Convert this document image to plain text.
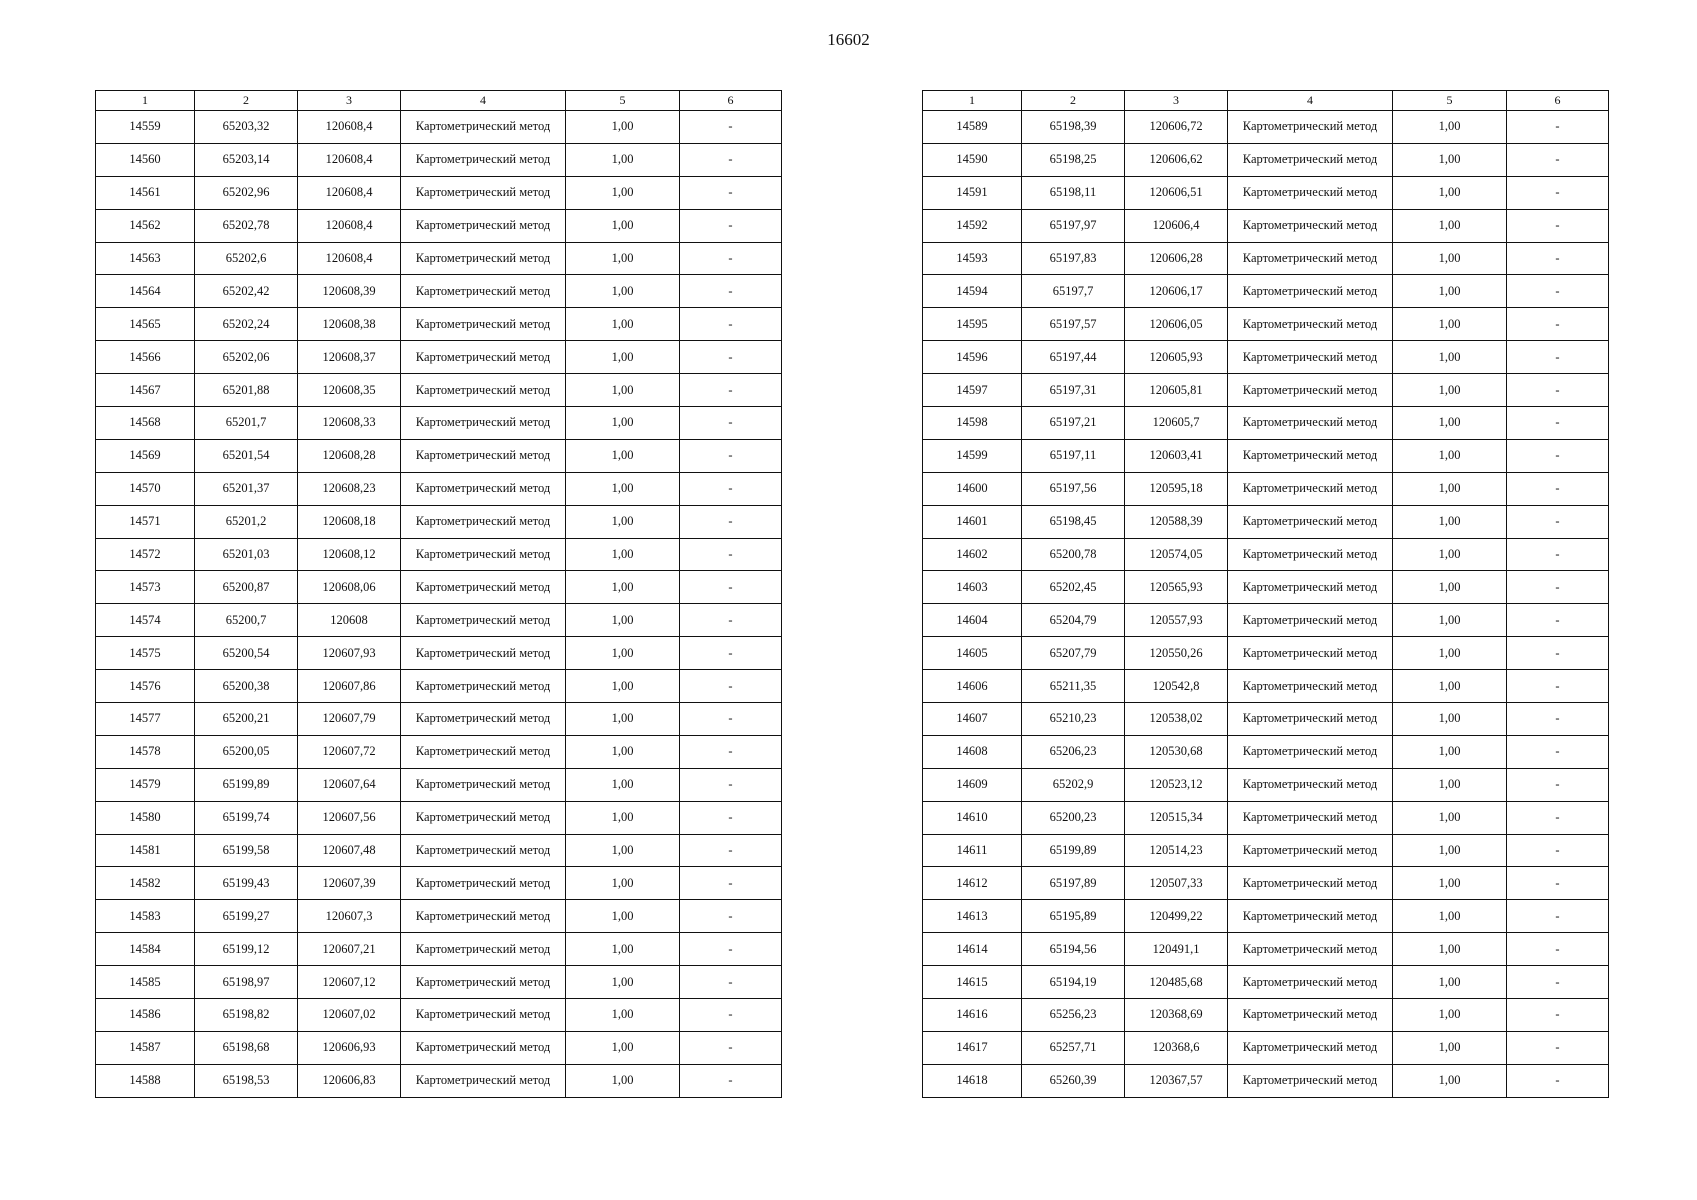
16602
1	2	3	4	5	6
14559	65203,32	120608,4	Картометрический метод	1,00	-
14560	65203,14	120608,4	Картометрический метод	1,00	-
14561	65202,96	120608,4	Картометрический метод	1,00	-
14562	65202,78	120608,4	Картометрический метод	1,00	-
14563	65202,6	120608,4	Картометрический метод	1,00	-
14564	65202,42	120608,39	Картометрический метод	1,00	-
14565	65202,24	120608,38	Картометрический метод	1,00	-
14566	65202,06	120608,37	Картометрический метод	1,00	-
14567	65201,88	120608,35	Картометрический метод	1,00	-
14568	65201,7	120608,33	Картометрический метод	1,00	-
14569	65201,54	120608,28	Картометрический метод	1,00	-
14570	65201,37	120608,23	Картометрический метод	1,00	-
14571	65201,2	120608,18	Картометрический метод	1,00	-
14572	65201,03	120608,12	Картометрический метод	1,00	-
14573	65200,87	120608,06	Картометрический метод	1,00	-
14574	65200,7	120608	Картометрический метод	1,00	-
14575	65200,54	120607,93	Картометрический метод	1,00	-
14576	65200,38	120607,86	Картометрический метод	1,00	-
14577	65200,21	120607,79	Картометрический метод	1,00	-
14578	65200,05	120607,72	Картометрический метод	1,00	-
14579	65199,89	120607,64	Картометрический метод	1,00	-
14580	65199,74	120607,56	Картометрический метод	1,00	-
14581	65199,58	120607,48	Картометрический метод	1,00	-
14582	65199,43	120607,39	Картометрический метод	1,00	-
14583	65199,27	120607,3	Картометрический метод	1,00	-
14584	65199,12	120607,21	Картометрический метод	1,00	-
14585	65198,97	120607,12	Картометрический метод	1,00	-
14586	65198,82	120607,02	Картометрический метод	1,00	-
14587	65198,68	120606,93	Картометрический метод	1,00	-
14588	65198,53	120606,83	Картометрический метод	1,00	-
1	2	3	4	5	6
14589	65198,39	120606,72	Картометрический метод	1,00	-
14590	65198,25	120606,62	Картометрический метод	1,00	-
14591	65198,11	120606,51	Картометрический метод	1,00	-
14592	65197,97	120606,4	Картометрический метод	1,00	-
14593	65197,83	120606,28	Картометрический метод	1,00	-
14594	65197,7	120606,17	Картометрический метод	1,00	-
14595	65197,57	120606,05	Картометрический метод	1,00	-
14596	65197,44	120605,93	Картометрический метод	1,00	-
14597	65197,31	120605,81	Картометрический метод	1,00	-
14598	65197,21	120605,7	Картометрический метод	1,00	-
14599	65197,11	120603,41	Картометрический метод	1,00	-
14600	65197,56	120595,18	Картометрический метод	1,00	-
14601	65198,45	120588,39	Картометрический метод	1,00	-
14602	65200,78	120574,05	Картометрический метод	1,00	-
14603	65202,45	120565,93	Картометрический метод	1,00	-
14604	65204,79	120557,93	Картометрический метод	1,00	-
14605	65207,79	120550,26	Картометрический метод	1,00	-
14606	65211,35	120542,8	Картометрический метод	1,00	-
14607	65210,23	120538,02	Картометрический метод	1,00	-
14608	65206,23	120530,68	Картометрический метод	1,00	-
14609	65202,9	120523,12	Картометрический метод	1,00	-
14610	65200,23	120515,34	Картометрический метод	1,00	-
14611	65199,89	120514,23	Картометрический метод	1,00	-
14612	65197,89	120507,33	Картометрический метод	1,00	-
14613	65195,89	120499,22	Картометрический метод	1,00	-
14614	65194,56	120491,1	Картометрический метод	1,00	-
14615	65194,19	120485,68	Картометрический метод	1,00	-
14616	65256,23	120368,69	Картометрический метод	1,00	-
14617	65257,71	120368,6	Картометрический метод	1,00	-
14618	65260,39	120367,57	Картометрический метод	1,00	-
